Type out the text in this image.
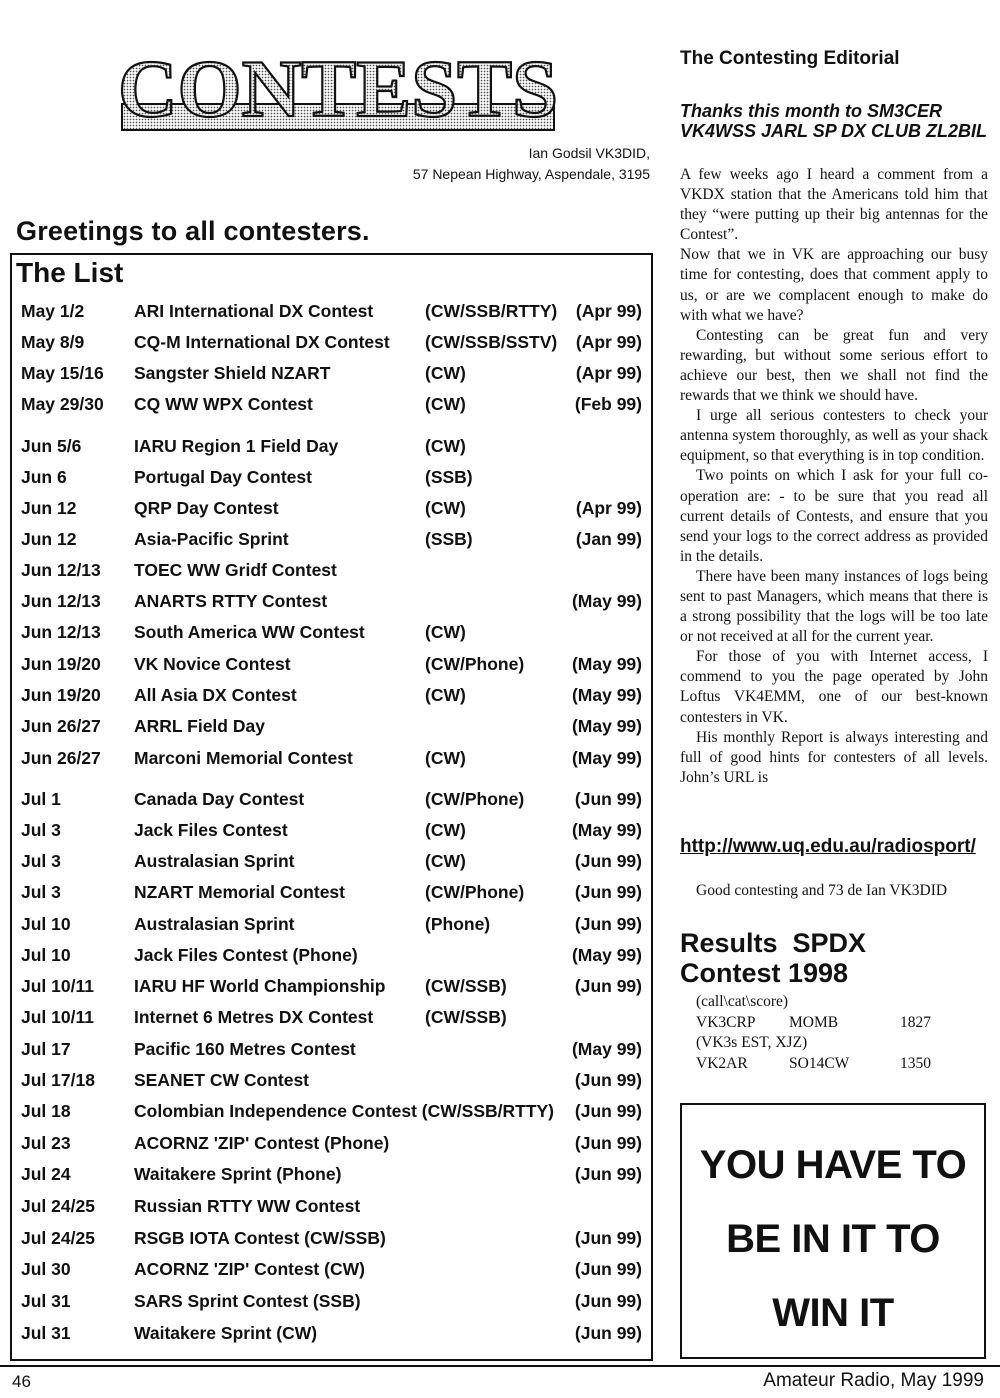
CONTESTS
Ian Godsil VK3DID,
57 Nepean Highway, Aspendale, 3195
Greetings to all contesters.
The List
May 1/2	ARI International DX Contest	(CW/SSB/RTTY) (Apr 99)
May 8/9	CQ-M International DX Contest (CW/SSB/SSTV) (Apr 99)
May 15/16 Sangster Shield NZART	(CW)	(Apr 99)
May 29/30 CQ WW WPX Contest	(CW)	(Feb 99)
Jun 5/6	IARU Region 1 Field Day	(CW)
Jun 6	Portugal Day Contest	(SSB)
Jun 12	QRP Day Contest	(CW)	(Apr 99)
Jun 12	Asia-Pacific Sprint	(SSB)	(Jan 99)
Jun 12/13 TOEC WW Gridf Contest
Jun 12/13 ANARTS RTTY Contest	(May 99)
Jun 12/13 South America WW Contest	(CW)
Jun 19/20 VK Novice Contest	(CW/Phone)	(May 99)
Jun 19/20 All Asia DX Contest	(CW)	(May 99)
Jun 26/27 ARRL Field Day	(May 99)
Jun 26/27 Marconi Memorial Contest	(CW)	(May 99)
Jul 1	Canada Day Contest	(CW/Phone)	(Jun 99)
Jul 3	Jack Files Contest	(CW)	(May 99)
Jul 3	Australasian Sprint	(CW)	(Jun 99)
Jul 3	NZART Memorial Contest	(CW/Phone)	(Jun 99)
Jul 10	Australasian Sprint	(Phone)	(Jun 99)
Jul 10	Jack Files Contest (Phone)	(May 99)
Jul 10/11 IARU HF World Championship (CW/SSB)	(Jun 99)
Jul 10/11 Internet 6 Metres DX Contest	(CW/SSB)
Jul 17	Pacific 160 Metres Contest	(May 99)
Jul 17/18 SEANET CW Contest	(Jun 99)
Jul 18	Colombian Independence Contest (CW/SSB/RTTY) (Jun 99)
Jul 23	ACORNZ 'ZIP' Contest (Phone)	(Jun 99)
Jul 24	Waitakere Sprint (Phone)	(Jun 99)
Jul 24/25 Russian RTTY WW Contest
Jul 24/25 RSGB IOTA Contest (CW/SSB)	(Jun 99)
Jul 30	ACORNZ 'ZIP' Contest (CW)	(Jun 99)
Jul 31	SARS Sprint Contest (SSB)	(Jun 99)
Jul 31	Waitakere Sprint (CW)	(Jun 99)
The Contesting Editorial
Thanks this month to SM3CER VK4WSS JARL SP DX CLUB ZL2BIL

A few weeks ago I heard a comment from a VKDX station that the Americans told him that they “were putting up their big antennas for the Contest”.

Now that we in VK are approaching our busy time for contesting, does that comment apply to us, or are we complacent enough to make do with what we have?

Contesting can be great fun and very rewarding, but without some serious effort to achieve our best, then we shall not find the rewards that we think we should have.

I urge all serious contesters to check your antenna system thoroughly, as well as your shack equipment, so that everything is in top condition.

Two points on which I ask for your full co-operation are: - to be sure that you read all current details of Contests, and ensure that you send your logs to the correct address as provided in the details.

There have been many instances of logs being sent to past Managers, which means that there is a strong possibility that the logs will be too late or not received at all for the current year.

For those of you with Internet access, I commend to you the page operated by John Loftus VK4EMM, one of our best-known contesters in VK.

His monthly Report is always interesting and full of good hints for contesters of all levels. John’s URL is

http://www.uq.edu.au/radiosport/
Good contesting and 73 de Ian VK3DID
Results  SPDX
Contest 1998
(call\cat\score)
VK3CRP MOMB	1827
(VK3s EST, XJZ)
VK2AR	SO14CW	1350
YOU HAVE TO
BE IN IT TO
WIN IT
46	Amateur Radio, May 1999
